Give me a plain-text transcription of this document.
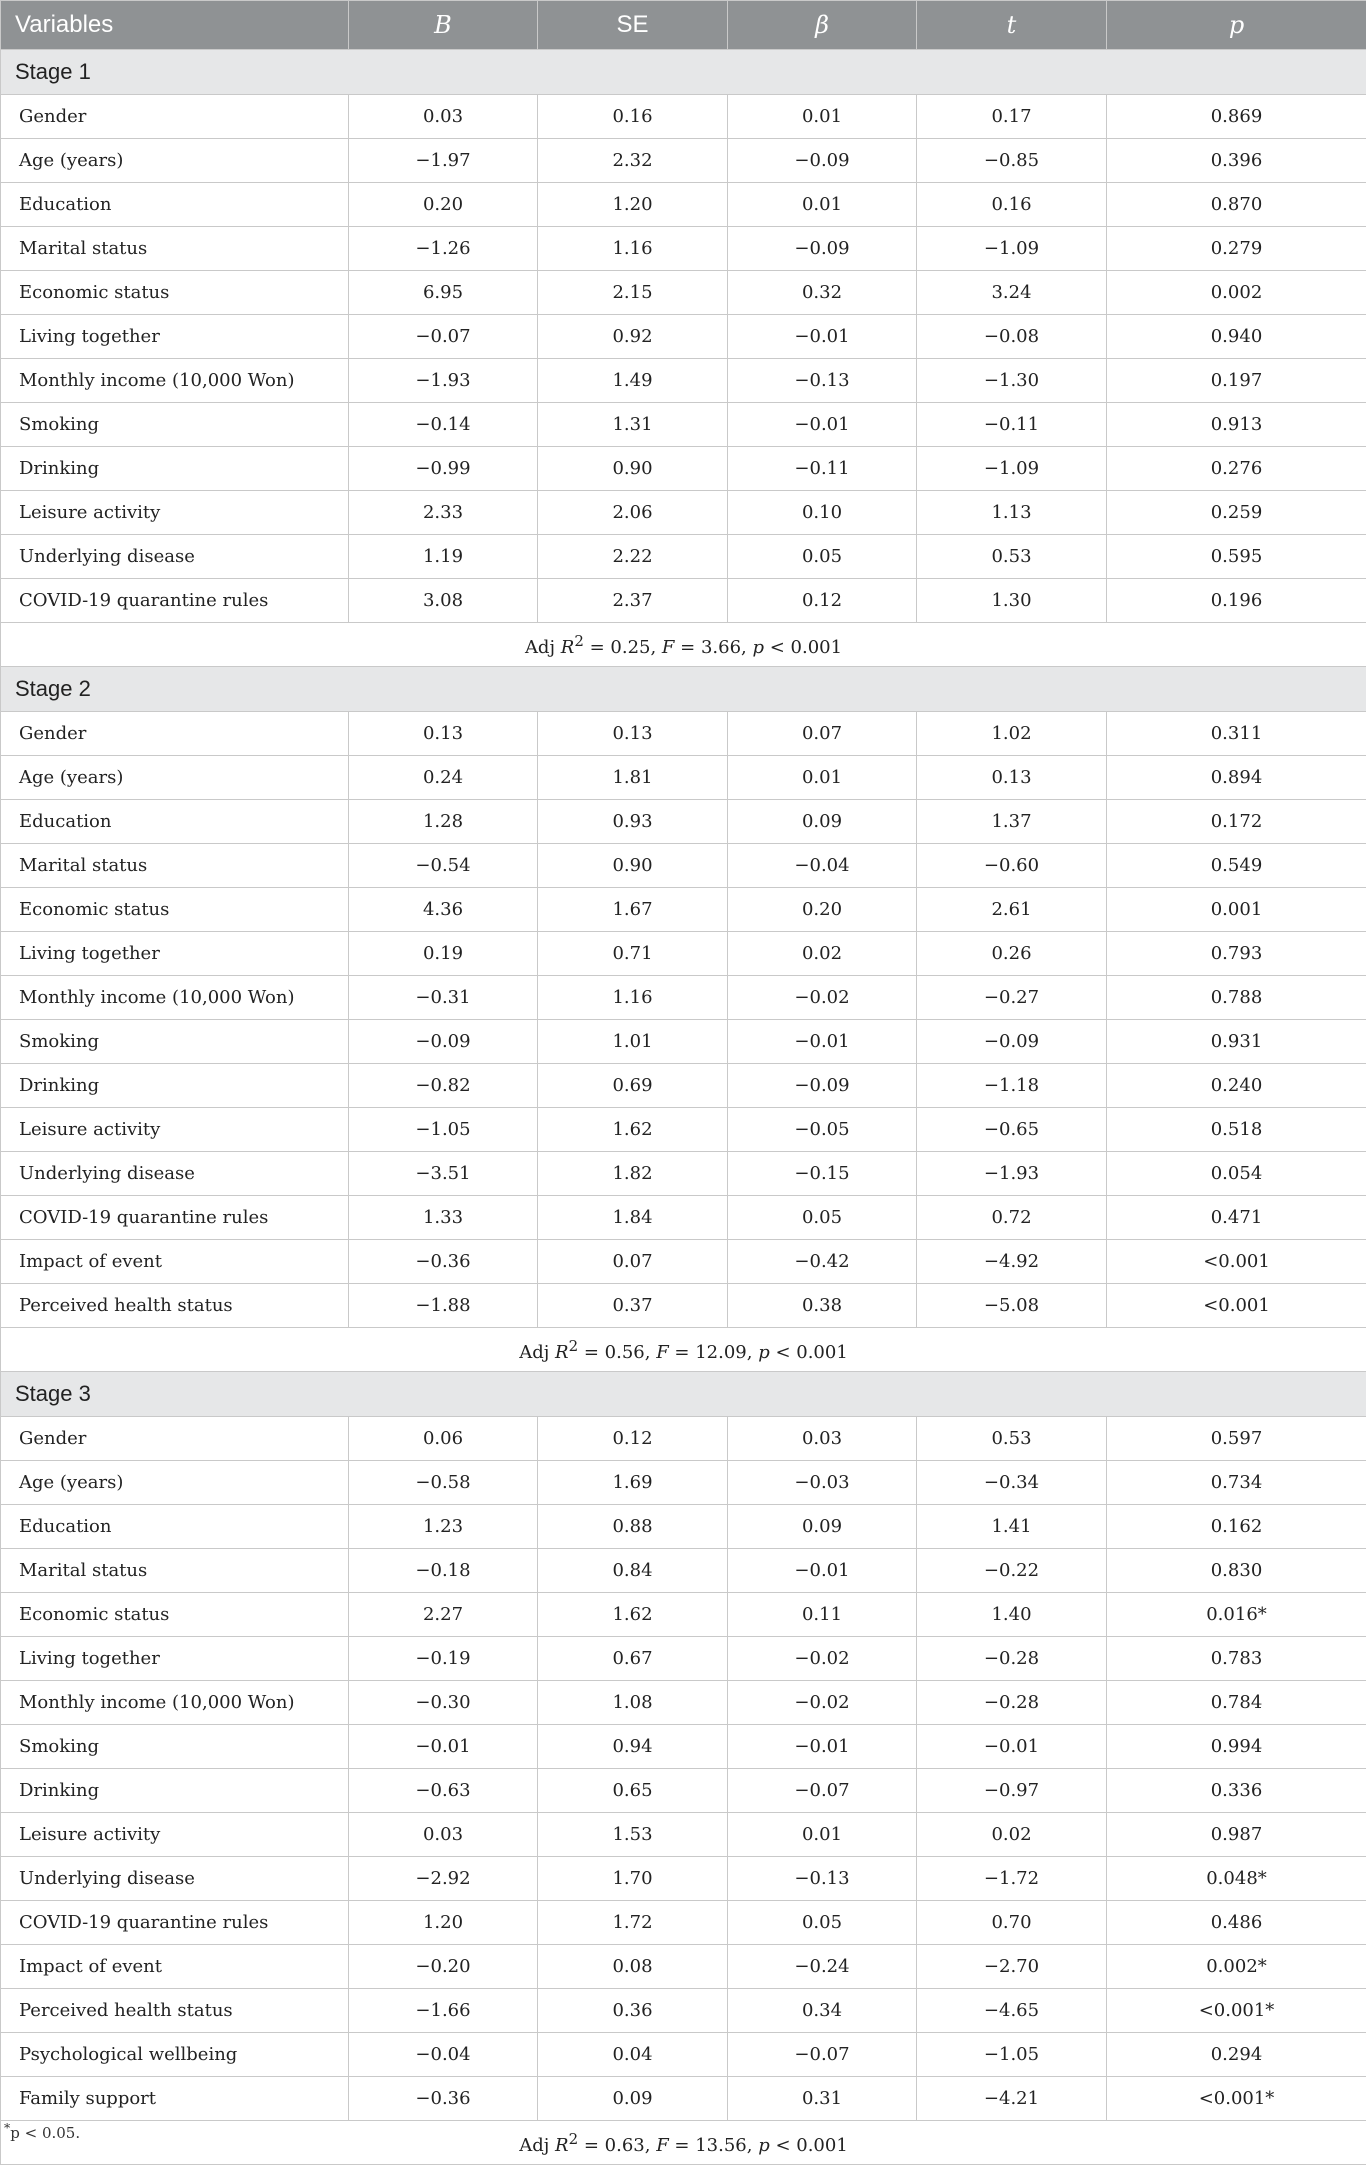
Variables	B	SE	β	t	p
Stage 1					
Gender	0.03	0.16	0.01	0.17	0.869
Age (years)	−1.97	2.32	−0.09	−0.85	0.396
Education	0.20	1.20	0.01	0.16	0.870
Marital status	−1.26	1.16	−0.09	−1.09	0.279
Economic status	6.95	2.15	0.32	3.24	0.002
Living together	−0.07	0.92	−0.01	−0.08	0.940
Monthly income (10,000 Won)	−1.93	1.49	−0.13	−1.30	0.197
Smoking	−0.14	1.31	−0.01	−0.11	0.913
Drinking	−0.99	0.90	−0.11	−1.09	0.276
Leisure activity	2.33	2.06	0.10	1.13	0.259
Underlying disease	1.19	2.22	0.05	0.53	0.595
COVID-19 quarantine rules	3.08	2.37	0.12	1.30	0.196
Adj $R^2 = 0.25$, F = 3.66, p < 0.001					
Stage 2					
Gender	0.13	0.13	0.07	1.02	0.311
Age (years)	0.24	1.81	0.01	0.13	0.894
Education	1.28	0.93	0.09	1.37	0.172
Marital status	−0.54	0.90	−0.04	−0.60	0.549
Economic status	4.36	1.67	0.20	2.61	0.001
Living together	0.19	0.71	0.02	0.26	0.793
Monthly income (10,000 Won)	−0.31	1.16	−0.02	−0.27	0.788
Smoking	−0.09	1.01	−0.01	−0.09	0.931
Drinking	−0.82	0.69	−0.09	−1.18	0.240
Leisure activity	−1.05	1.62	−0.05	−0.65	0.518
Underlying disease	−3.51	1.82	−0.15	−1.93	0.054
COVID-19 quarantine rules	1.33	1.84	0.05	0.72	0.471
Impact of event	−0.36	0.07	−0.42	−4.92	<0.001
Perceived health status	−1.88	0.37	0.38	−5.08	<0.001
Adj $R^2 = 0.56$, F = 12.09, p < 0.001					
Stage 3					
Gender	0.06	0.12	0.03	0.53	0.597
Age (years)	−0.58	1.69	−0.03	−0.34	0.734
Education	1.23	0.88	0.09	1.41	0.162
Marital status	−0.18	0.84	−0.01	−0.22	0.830
Economic status	2.27	1.62	0.11	1.40	0.016*
Living together	−0.19	0.67	−0.02	−0.28	0.783
Monthly income (10,000 Won)	−0.30	1.08	−0.02	−0.28	0.784
Smoking	−0.01	0.94	−0.01	−0.01	0.994
Drinking	−0.63	0.65	−0.07	−0.97	0.336
Leisure activity	0.03	1.53	0.01	0.02	0.987
Underlying disease	−2.92	1.70	−0.13	−1.72	0.048*
COVID-19 quarantine rules	1.20	1.72	0.05	0.70	0.486
Impact of event	−0.20	0.08	−0.24	−2.70	0.002*
Perceived health status	−1.66	0.36	0.34	−4.65	<0.001*
Psychological wellbeing	−0.04	0.04	−0.07	−1.05	0.294
Family support	−0.36	0.09	0.31	−4.21	<0.001*
Adj $R^2 = 0.63$, F = 13.56, p < 0.001					
*p < 0.05.
